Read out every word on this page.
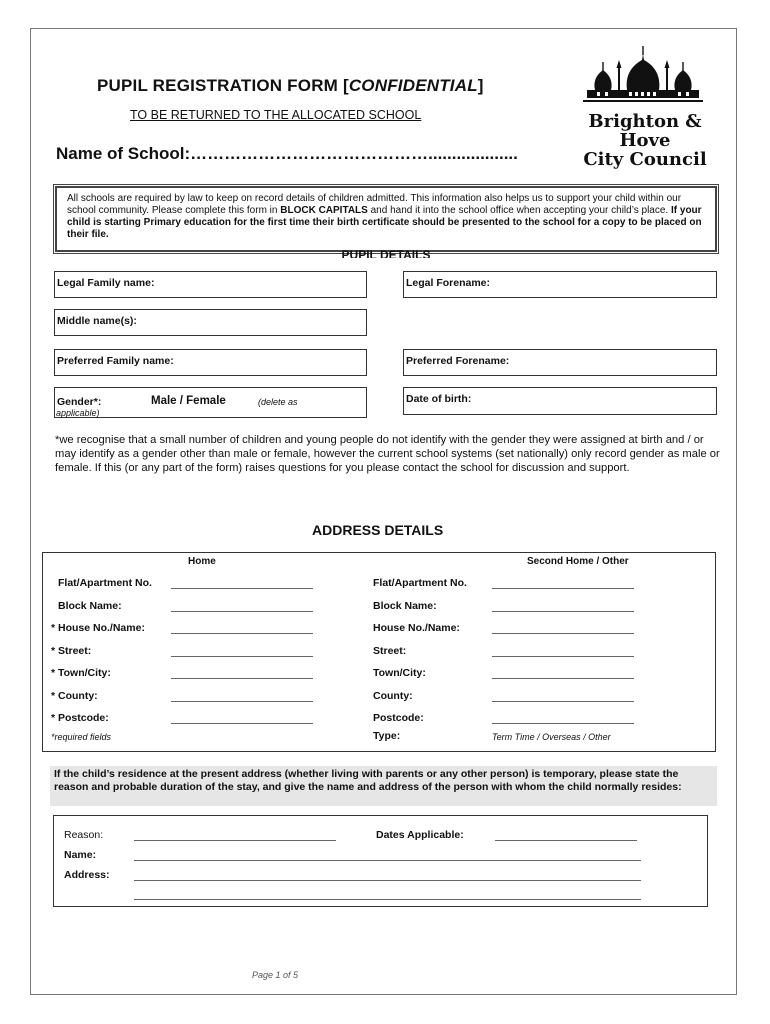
PUPIL REGISTRATION FORM [CONFIDENTIAL]
TO BE RETURNED TO THE ALLOCATED SCHOOL
Name of School:……………………………………...................
Brighton & Hove
City Council
All schools are required by law to keep on record details of children admitted. This information also helps us to support your child within our school community. Please complete this form in BLOCK CAPITALS and hand it into the school office when accepting your child’s place. If your child is starting Primary education for the first time their birth certificate should be presented to the school for a copy to be placed on their file.
PUPIL DETAILS
Legal Family name:	Legal Forename:
Middle name(s):
Preferred Family name:	Preferred Forename:
Gender*:	Male / Female	(delete as
applicable)
Date of birth:
*we recognise that a small number of children and young people do not identify with the gender they were assigned at birth and / or may identify as a gender other than male or female, however the current school systems (set nationally) only record gender as male or female. If this (or any part of the form) raises questions for you please contact the school for discussion and support.
ADDRESS DETAILS
Home	Second Home / Other
Flat/Apartment No.	Flat/Apartment No.
Block Name:	Block Name:
* House No./Name:	House No./Name:
* Street:	Street:
* Town/City:	Town/City:
* County:	County:
* Postcode:	Postcode:
*required fields	Type:	Term Time / Overseas / Other
If the child’s residence at the present address (whether living with parents or any other person) is temporary, please state the reason and probable duration of the stay, and give the name and address of the person with whom the child normally resides:
Reason:	Dates Applicable:
Name:
Address:
Page 1 of 5
